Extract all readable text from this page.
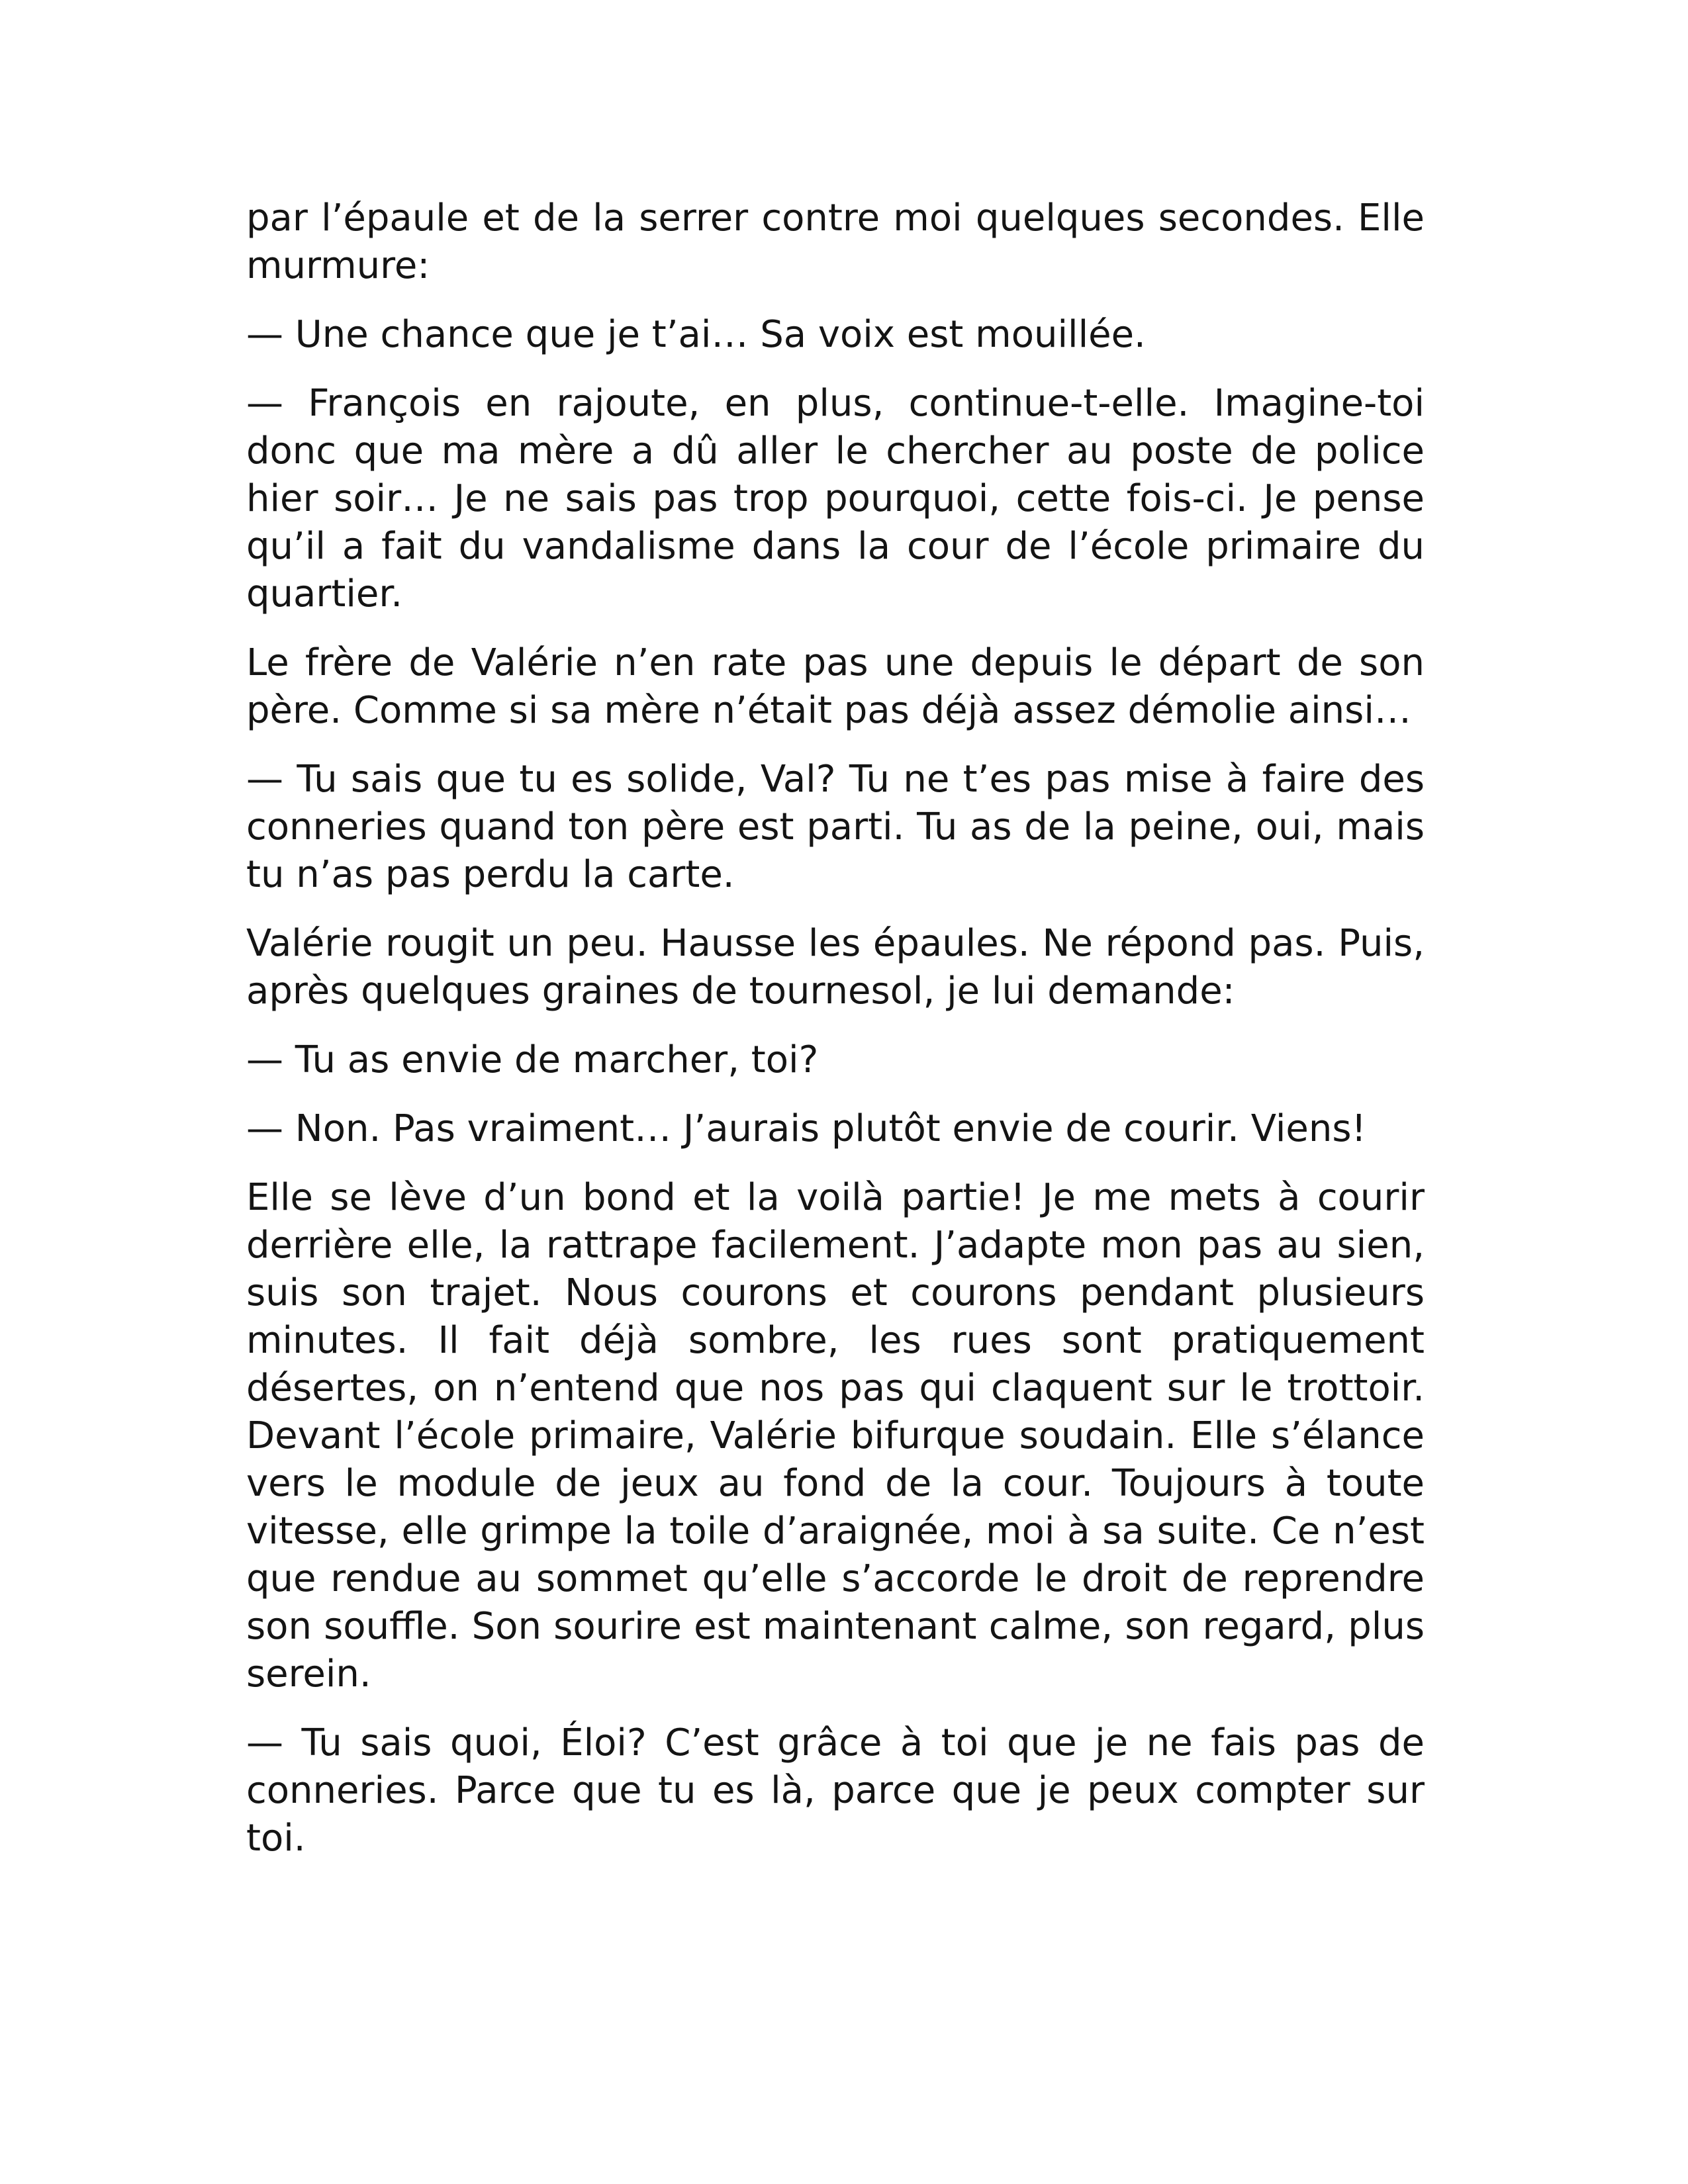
par l’épaule et de la serrer contre moi quelques secondes. Elle murmure:

— Une chance que je t’ai… Sa voix est mouillée.

— François en rajoute, en plus, continue-t-elle. Imagine-toi donc que ma mère a dû aller le chercher au poste de police hier soir… Je ne sais pas trop pourquoi, cette fois-ci. Je pense qu’il a fait du vandalisme dans la cour de l’école primaire du quartier.

Le frère de Valérie n’en rate pas une depuis le départ de son père. Comme si sa mère n’était pas déjà assez démolie ainsi…

— Tu sais que tu es solide, Val? Tu ne t’es pas mise à faire des conneries quand ton père est parti. Tu as de la peine, oui, mais tu n’as pas perdu la carte.

Valérie rougit un peu. Hausse les épaules. Ne répond pas. Puis, après quelques graines de tournesol, je lui demande:

— Tu as envie de marcher, toi?

— Non. Pas vraiment… J’aurais plutôt envie de courir. Viens!

Elle se lève d’un bond et la voilà partie! Je me mets à courir derrière elle, la rattrape facilement. J’adapte mon pas au sien, suis son trajet. Nous courons et courons pendant plusieurs minutes. Il fait déjà sombre, les rues sont pratiquement désertes, on n’entend que nos pas qui claquent sur le trottoir. Devant l’école primaire, Valérie bifurque soudain. Elle s’élance vers le module de jeux au fond de la cour. Toujours à toute vitesse, elle grimpe la toile d’araignée, moi à sa suite. Ce n’est que rendue au sommet qu’elle s’accorde le droit de reprendre son souffle. Son sourire est maintenant calme, son regard, plus serein.

— Tu sais quoi, Éloi? C’est grâce à toi que je ne fais pas de conneries. Parce que tu es là, parce que je peux compter sur toi.
